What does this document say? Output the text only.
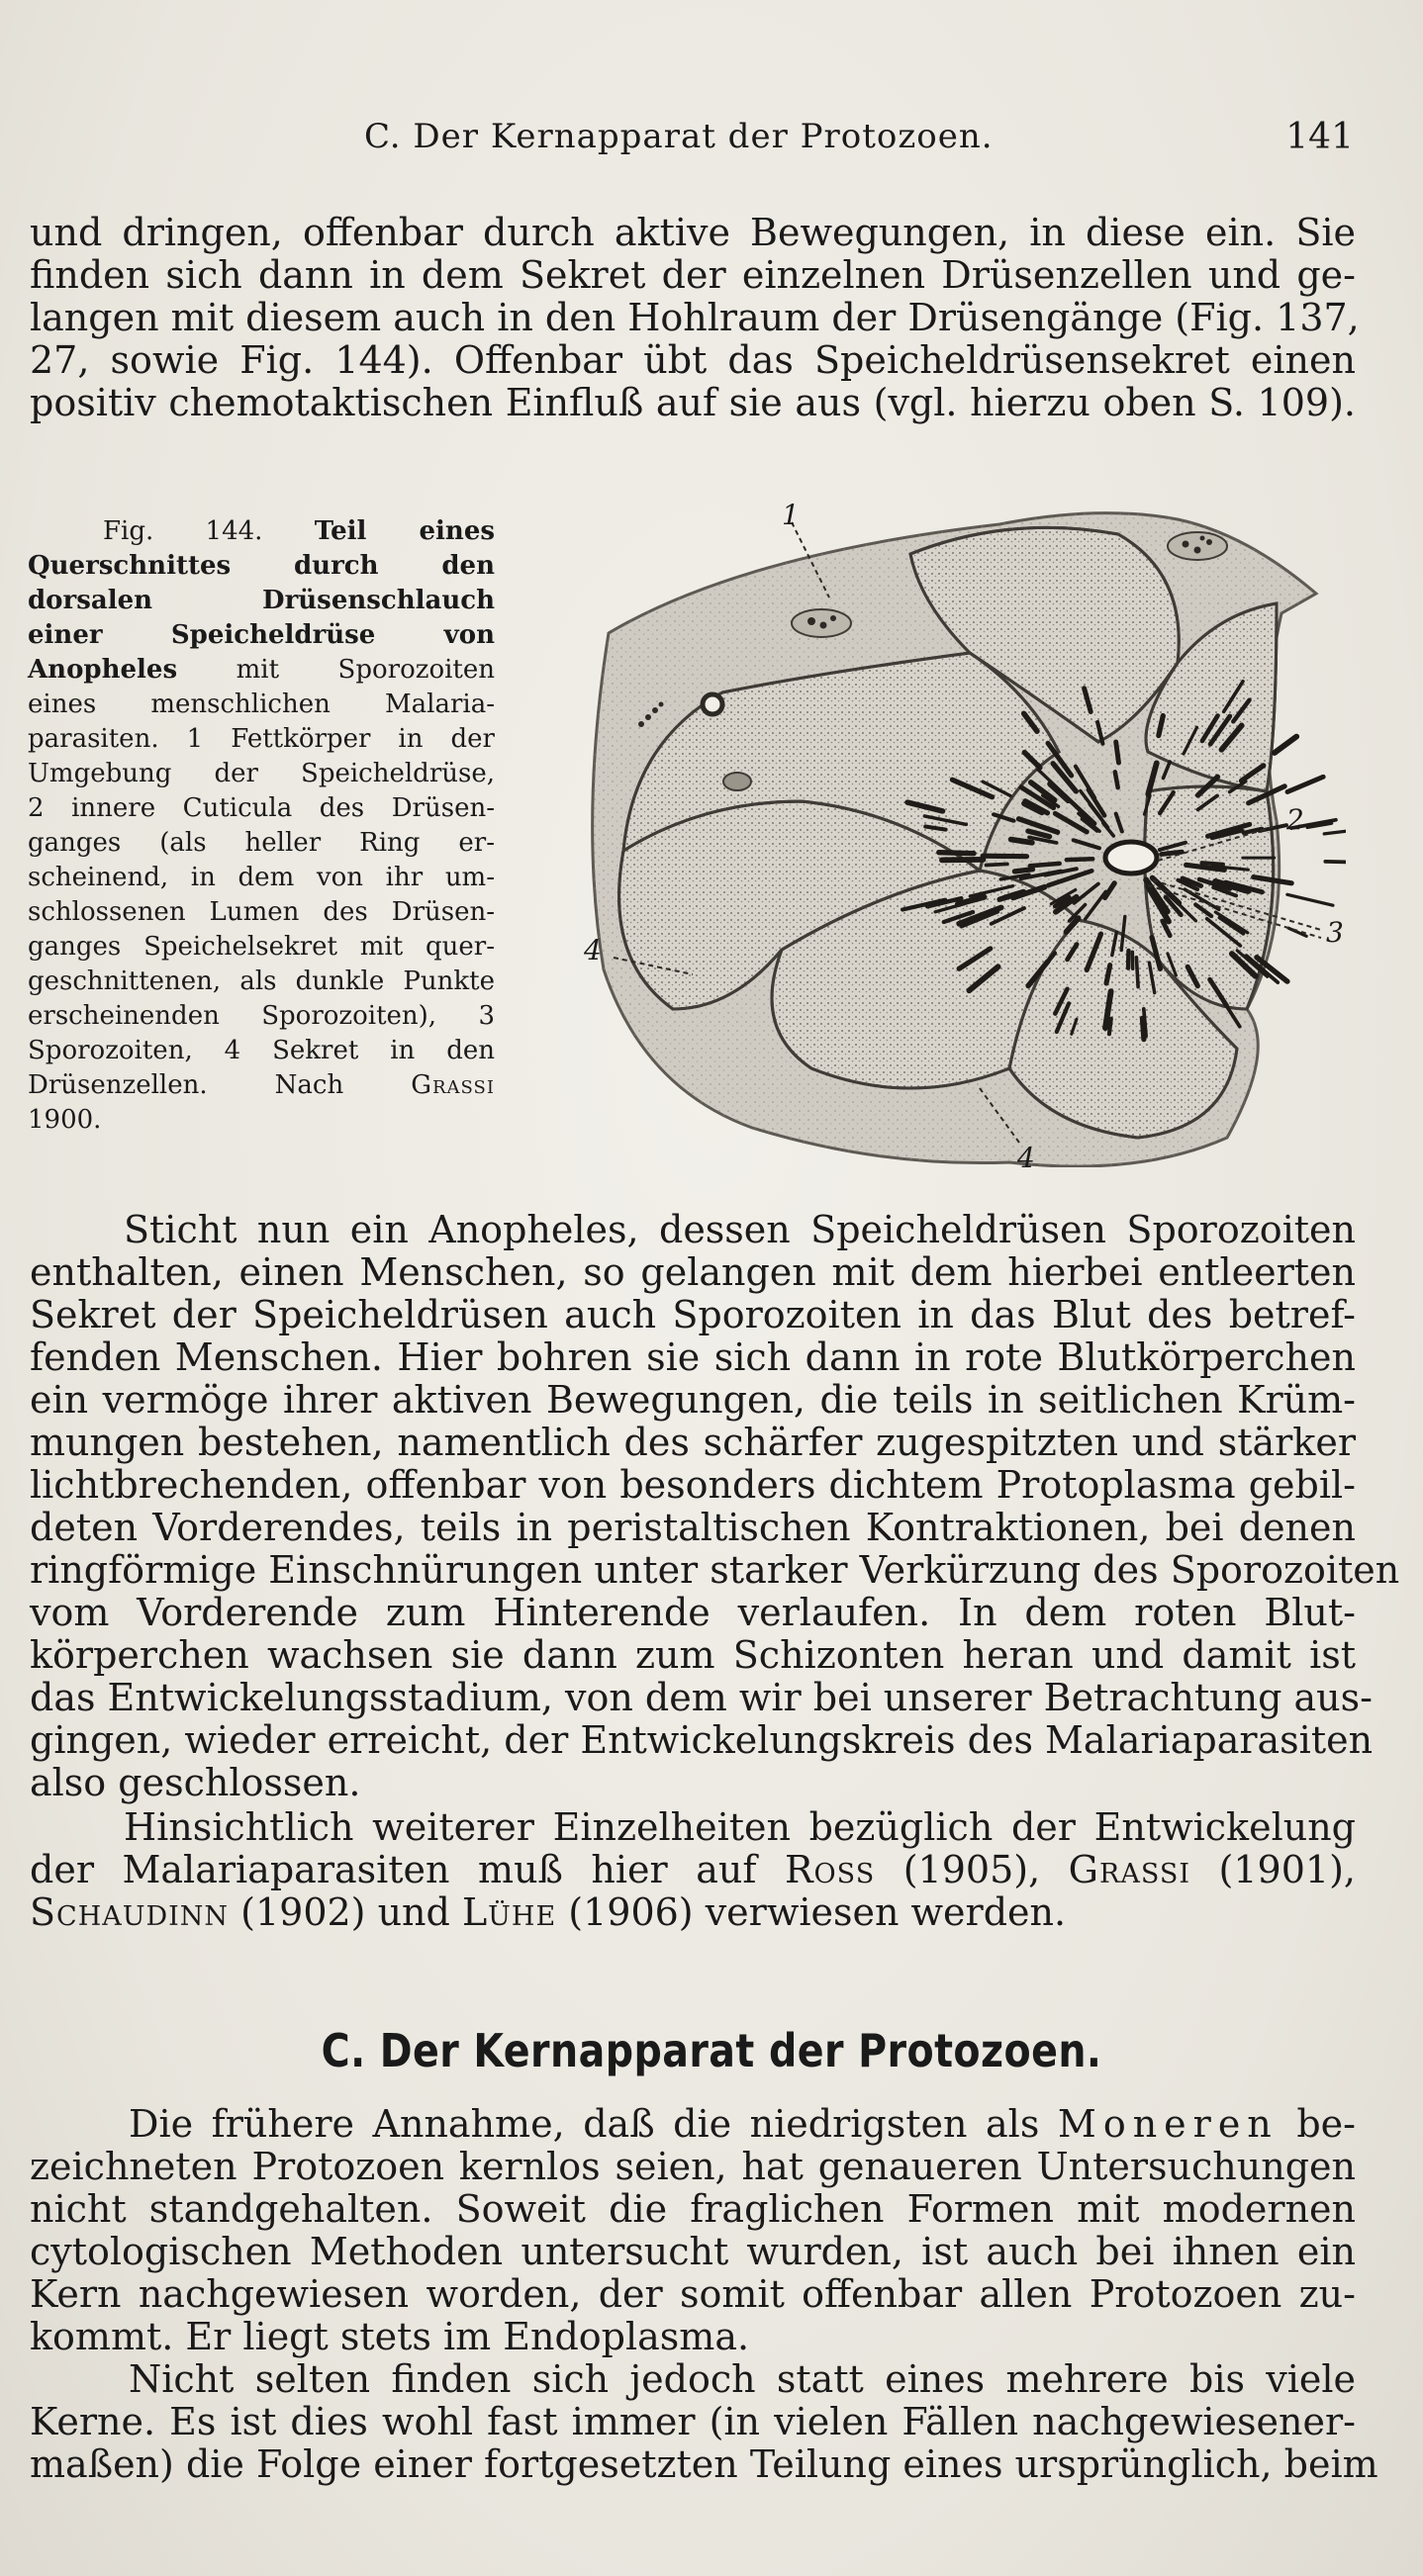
C. Der Kernapparat der Protozoen.	141

und dringen, offenbar durch aktive Bewegungen, in diese ein. Sie
finden sich dann in dem Sekret der einzelnen Drüsenzellen und ge-
langen mit diesem auch in den Hohlraum der Drüsengänge (Fig. 137,
27, sowie Fig. 144). Offenbar übt das Speicheldrüsensekret einen
positiv chemotaktischen Einfluß auf sie aus (vgl. hierzu oben S. 109).

Fig. 144. Teil eines
Querschnittes durch den
dorsalen Drüsenschlauch
einer Speicheldrüse von
Anopheles mit Sporozoiten
eines menschlichen Malaria-
parasiten. 1 Fettkörper in der
Umgebung der Speicheldrüse,
2 innere Cuticula des Drüsen-
ganges (als heller Ring er-
scheinend, in dem von ihr um-
schlossenen Lumen des Drüsen-
ganges Speichelsekret mit quer-
geschnittenen, als dunkle Punkte
erscheinenden Sporozoiten), 3
Sporozoiten, 4 Sekret in den
Drüsenzellen. Nach Grassi
1900.
1
2
3
4
4

Sticht nun ein Anopheles, dessen Speicheldrüsen Sporozoiten
enthalten, einen Menschen, so gelangen mit dem hierbei entleerten
Sekret der Speicheldrüsen auch Sporozoiten in das Blut des betref-
fenden Menschen. Hier bohren sie sich dann in rote Blutkörperchen
ein vermöge ihrer aktiven Bewegungen, die teils in seitlichen Krüm-
mungen bestehen, namentlich des schärfer zugespitzten und stärker
lichtbrechenden, offenbar von besonders dichtem Protoplasma gebil-
deten Vorderendes, teils in peristaltischen Kontraktionen, bei denen
ringförmige Einschnürungen unter starker Verkürzung des Sporozoiten
vom Vorderende zum Hinterende verlaufen. In dem roten Blut-
körperchen wachsen sie dann zum Schizonten heran und damit ist
das Entwickelungsstadium, von dem wir bei unserer Betrachtung aus-
gingen, wieder erreicht, der Entwickelungskreis des Malariaparasiten
also geschlossen.

Hinsichtlich weiterer Einzelheiten bezüglich der Entwickelung
der Malariaparasiten muß hier auf Ross (1905), Grassi (1901),
Schaudinn (1902) und Lühe (1906) verwiesen werden.

C. Der Kernapparat der Protozoen.

Die frühere Annahme, daß die niedrigsten als Moneren be-
zeichneten Protozoen kernlos seien, hat genaueren Untersuchungen
nicht standgehalten. Soweit die fraglichen Formen mit modernen
cytologischen Methoden untersucht wurden, ist auch bei ihnen ein
Kern nachgewiesen worden, der somit offenbar allen Protozoen zu-
kommt. Er liegt stets im Endoplasma.

Nicht selten finden sich jedoch statt eines mehrere bis viele
Kerne. Es ist dies wohl fast immer (in vielen Fällen nachgewiesener-
maßen) die Folge einer fortgesetzten Teilung eines ursprünglich, beim
